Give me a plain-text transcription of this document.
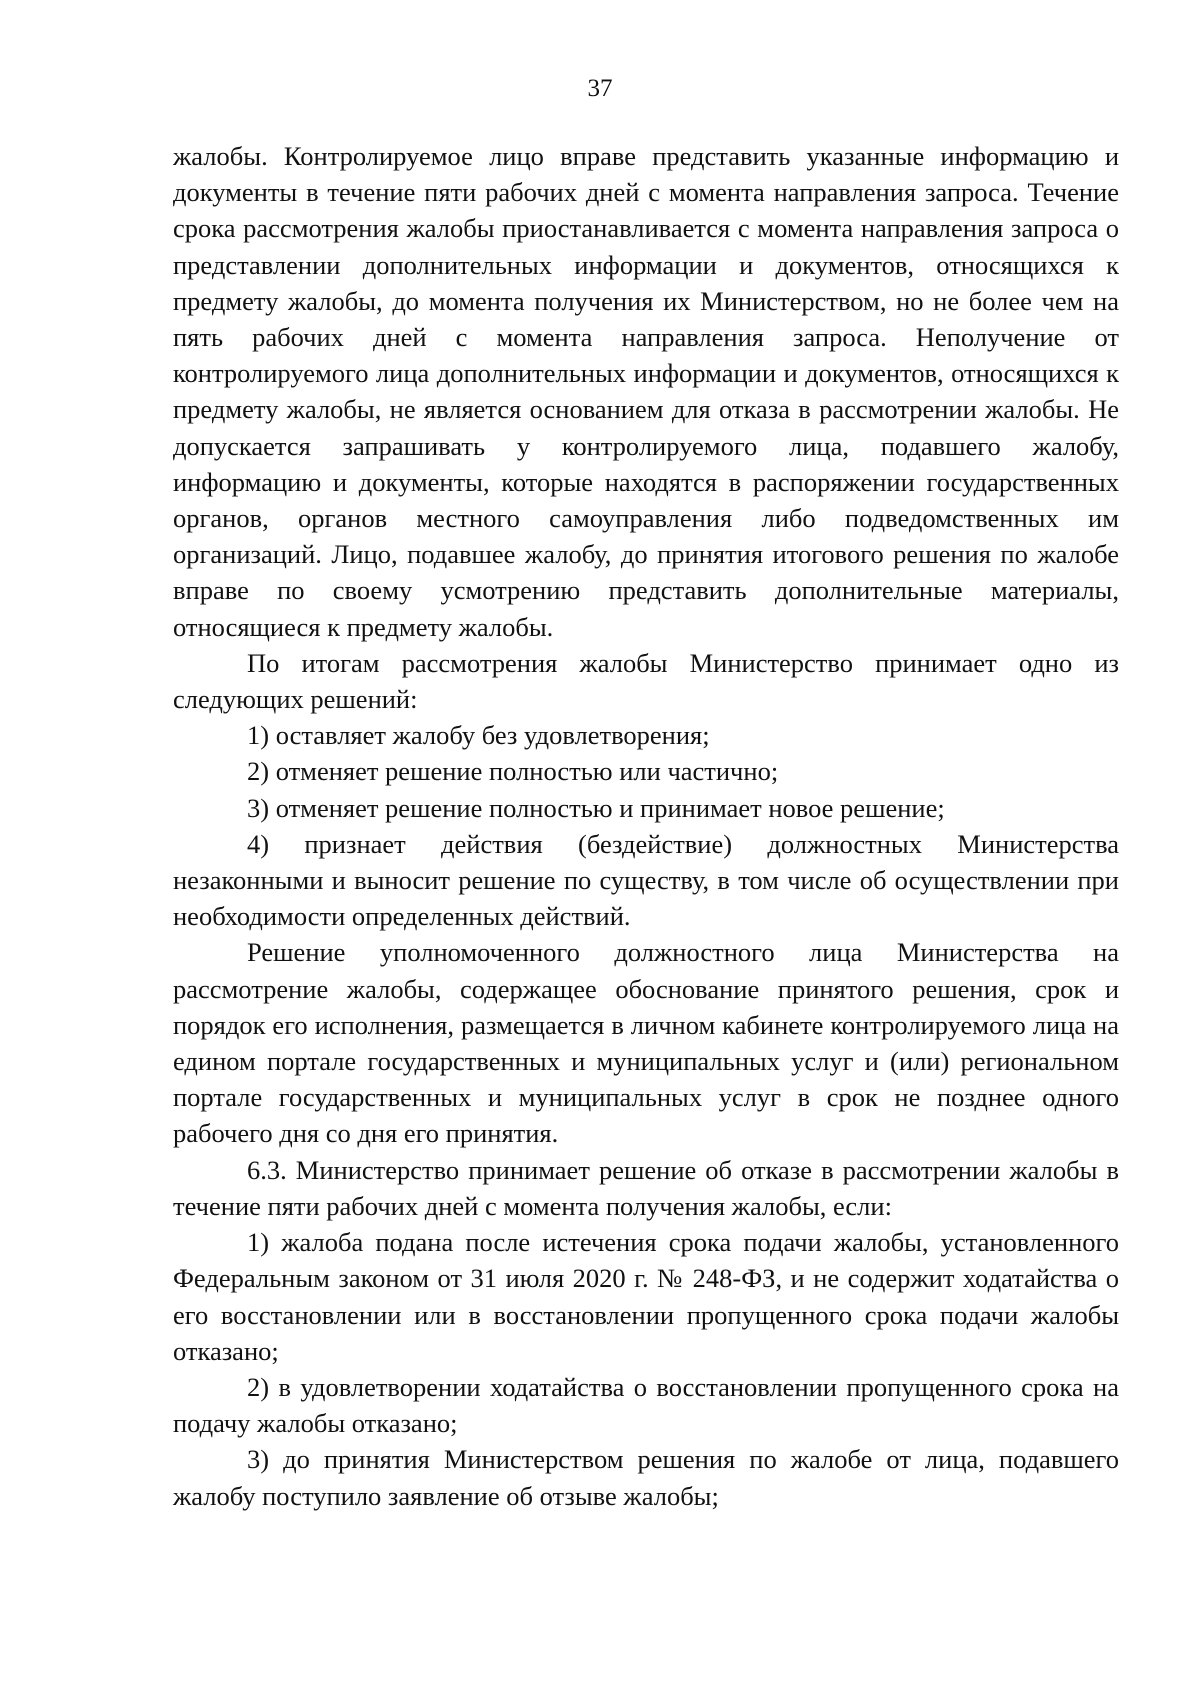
37

жалобы. Контролируемое лицо вправе представить указанные информацию и документы в течение пяти рабочих дней с момента направления запроса. Течение срока рассмотрения жалобы приостанавливается с момента направления запроса о представлении дополнительных информации и документов, относящихся к предмету жалобы, до момента получения их Министерством, но не более чем на пять рабочих дней с момента направления запроса. Неполучение от контролируемого лица дополнительных информации и документов, относящихся к предмету жалобы, не является основанием для отказа в рассмотрении жалобы. Не допускается запрашивать у контролируемого лица, подавшего жалобу, информацию и документы, которые находятся в распоряжении государственных органов, органов местного самоуправления либо подведомственных им организаций. Лицо, подавшее жалобу, до принятия итогового решения по жалобе вправе по своему усмотрению представить дополнительные материалы, относящиеся к предмету жалобы.

По итогам рассмотрения жалобы Министерство принимает одно из следующих решений:

1) оставляет жалобу без удовлетворения;

2) отменяет решение полностью или частично;

3) отменяет решение полностью и принимает новое решение;

4) признает действия (бездействие) должностных Министерства незаконными и выносит решение по существу, в том числе об осуществлении при необходимости определенных действий.

Решение уполномоченного должностного лица Министерства на рассмотрение жалобы, содержащее обоснование принятого решения, срок и порядок его исполнения, размещается в личном кабинете контролируемого лица на едином портале государственных и муниципальных услуг и (или) региональном портале государственных и муниципальных услуг в срок не позднее одного рабочего дня со дня его принятия.

6.3. Министерство принимает решение об отказе в рассмотрении жалобы в течение пяти рабочих дней с момента получения жалобы, если:

1) жалоба подана после истечения срока подачи жалобы, установленного Федеральным законом от 31 июля 2020 г. № 248-ФЗ, и не содержит ходатайства о его восстановлении или в восстановлении пропущенного срока подачи жалобы отказано;

2) в удовлетворении ходатайства о восстановлении пропущенного срока на подачу жалобы отказано;

3) до принятия Министерством решения по жалобе от лица, подавшего жалобу поступило заявление об отзыве жалобы;
